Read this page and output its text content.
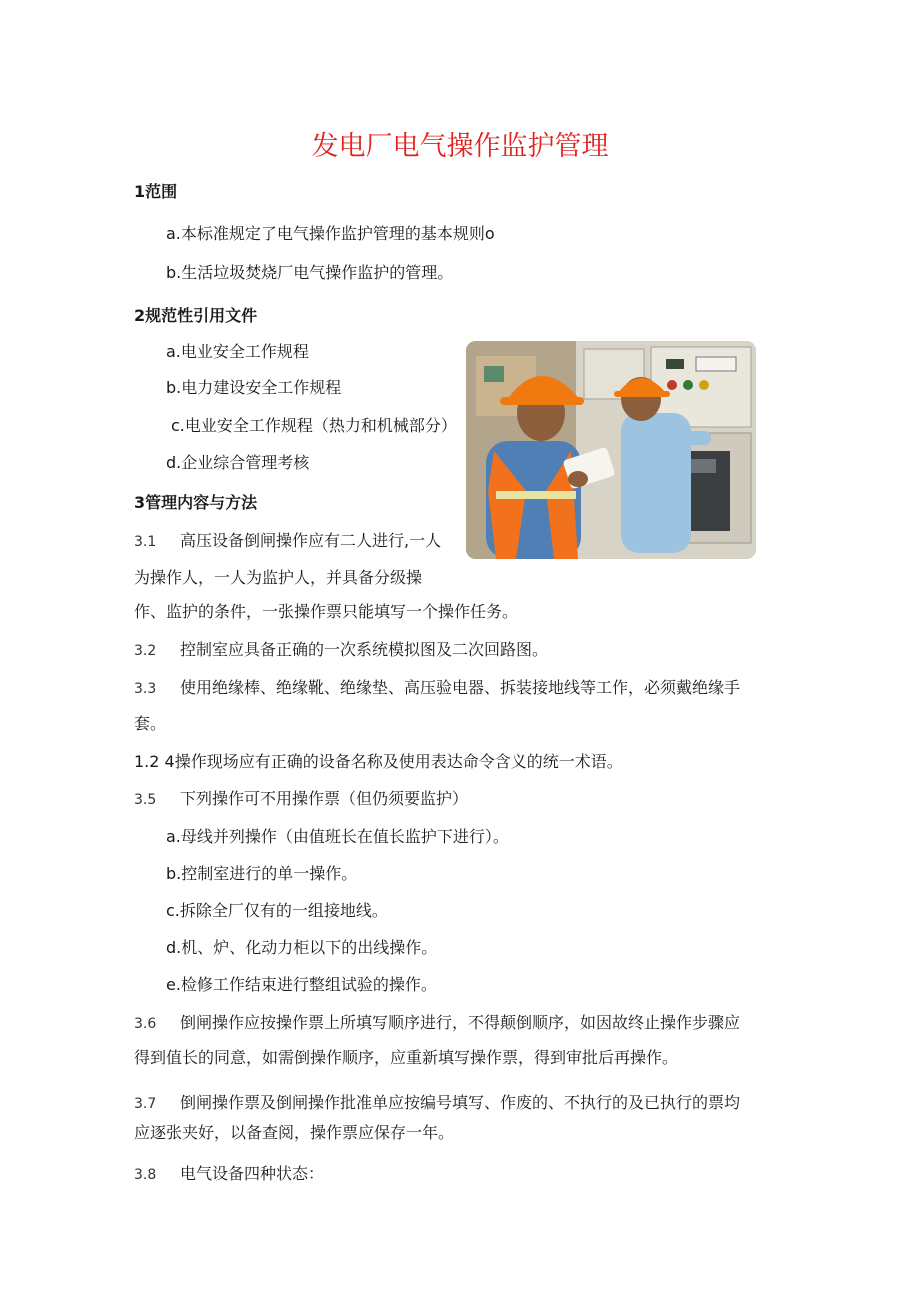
发电厂电气操作监护管理
1范围
a.本标准规定了电气操作监护管理的基本规则o
b.生活垃圾焚烧厂电气操作监护的管理。
2规范性引用文件
a.电业安全工作规程
b.电力建设安全工作规程
c.电业安全工作规程（热力和机械部分）
d.企业综合管理考核
3管理内容与方法
3.1 高压设备倒闸操作应有二人进行,一人
为操作人，一人为监护人，并具备分级操
作、监护的条件，一张操作票只能填写一个操作任务。
3.2 控制室应具备正确的一次系统模拟图及二次回路图。
3.3 使用绝缘棒、绝缘靴、绝缘垫、高压验电器、拆装接地线等工作，必须戴绝缘手
套。
1.2 4操作现场应有正确的设备名称及使用表达命令含义的统一术语。
3.5 下列操作可不用操作票（但仍须要监护）
a.母线并列操作（由值班长在值长监护下进行）。
b.控制室进行的单一操作。
c.拆除全厂仅有的一组接地线。
d.机、炉、化动力柜以下的出线操作。
e.检修工作结束进行整组试验的操作。
3.6 倒闸操作应按操作票上所填写顺序进行，不得颠倒顺序，如因故终止操作步骤应
得到值长的同意，如需倒操作顺序，应重新填写操作票，得到审批后再操作。
3.7 倒闸操作票及倒闸操作批准单应按编号填写、作废的、不执行的及已执行的票均
应逐张夹好，以备查阅，操作票应保存一年。
3.8 电气设备四种状态：
